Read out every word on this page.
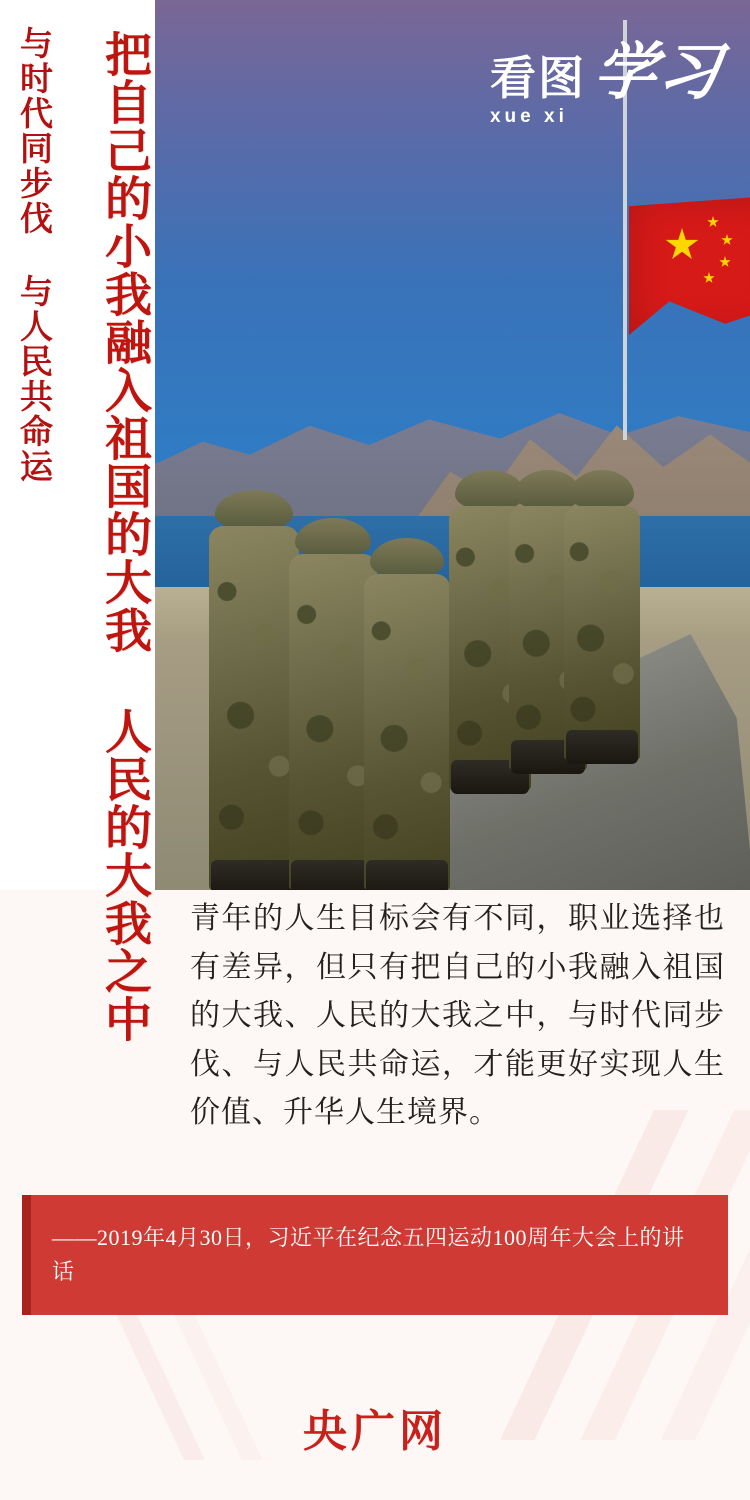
看图 学习
xue xi
与时代同步伐 与人民共命运	把自己的小我融入祖国的大我 人民的大我之中 青年的人生目标会有不同，职业选择也有差异，但只有把自己的小我融入祖国的大我、人民的大我之中，与时代同步伐、与人民共命运，才能更好实现人生价值、升华人生境界。
——2019年4月30日，习近平在纪念五四运动100周年大会上的讲话
央广网
